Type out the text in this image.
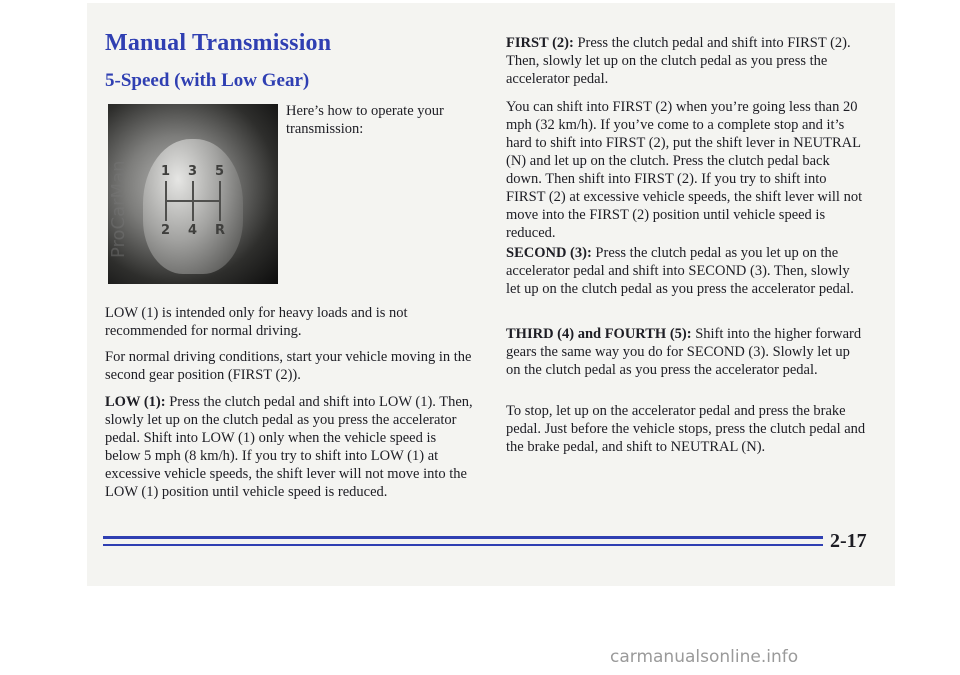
Manual Transmission
5-Speed (with Low Gear)
1 3 5
2 4 R

Here’s how to operate your transmission:

LOW (1) is intended only for heavy loads and is not recommended for normal driving.

For normal driving conditions, start your vehicle moving in the second gear position (FIRST (2)).

LOW (1): Press the clutch pedal and shift into LOW (1). Then, slowly let up on the clutch pedal as you press the accelerator pedal. Shift into LOW (1) only when the vehicle speed is below 5 mph (8 km/h). If you try to shift into LOW (1) at excessive vehicle speeds, the shift lever will not move into the LOW (1) position until vehicle speed is reduced.

FIRST (2): Press the clutch pedal and shift into FIRST (2). Then, slowly let up on the clutch pedal as you press the accelerator pedal.

You can shift into FIRST (2) when you’re going less than 20 mph (32 km/h). If you’ve come to a complete stop and it’s hard to shift into FIRST (2), put the shift lever in NEUTRAL (N) and let up on the clutch. Press the clutch pedal back down. Then shift into FIRST (2). If you try to shift into FIRST (2) at excessive vehicle speeds, the shift lever will not move into the FIRST (2) position until vehicle speed is reduced.

SECOND (3): Press the clutch pedal as you let up on the accelerator pedal and shift into SECOND (3). Then, slowly let up on the clutch pedal as you press the accelerator pedal.

THIRD (4) and FOURTH (5): Shift into the higher forward gears the same way you do for SECOND (3). Slowly let up on the clutch pedal as you press the accelerator pedal.

To stop, let up on the accelerator pedal and press the brake pedal. Just before the vehicle stops, press the clutch pedal and the brake pedal, and shift to NEUTRAL (N).

2-17
ProCarMan
carmanualsonline.info
